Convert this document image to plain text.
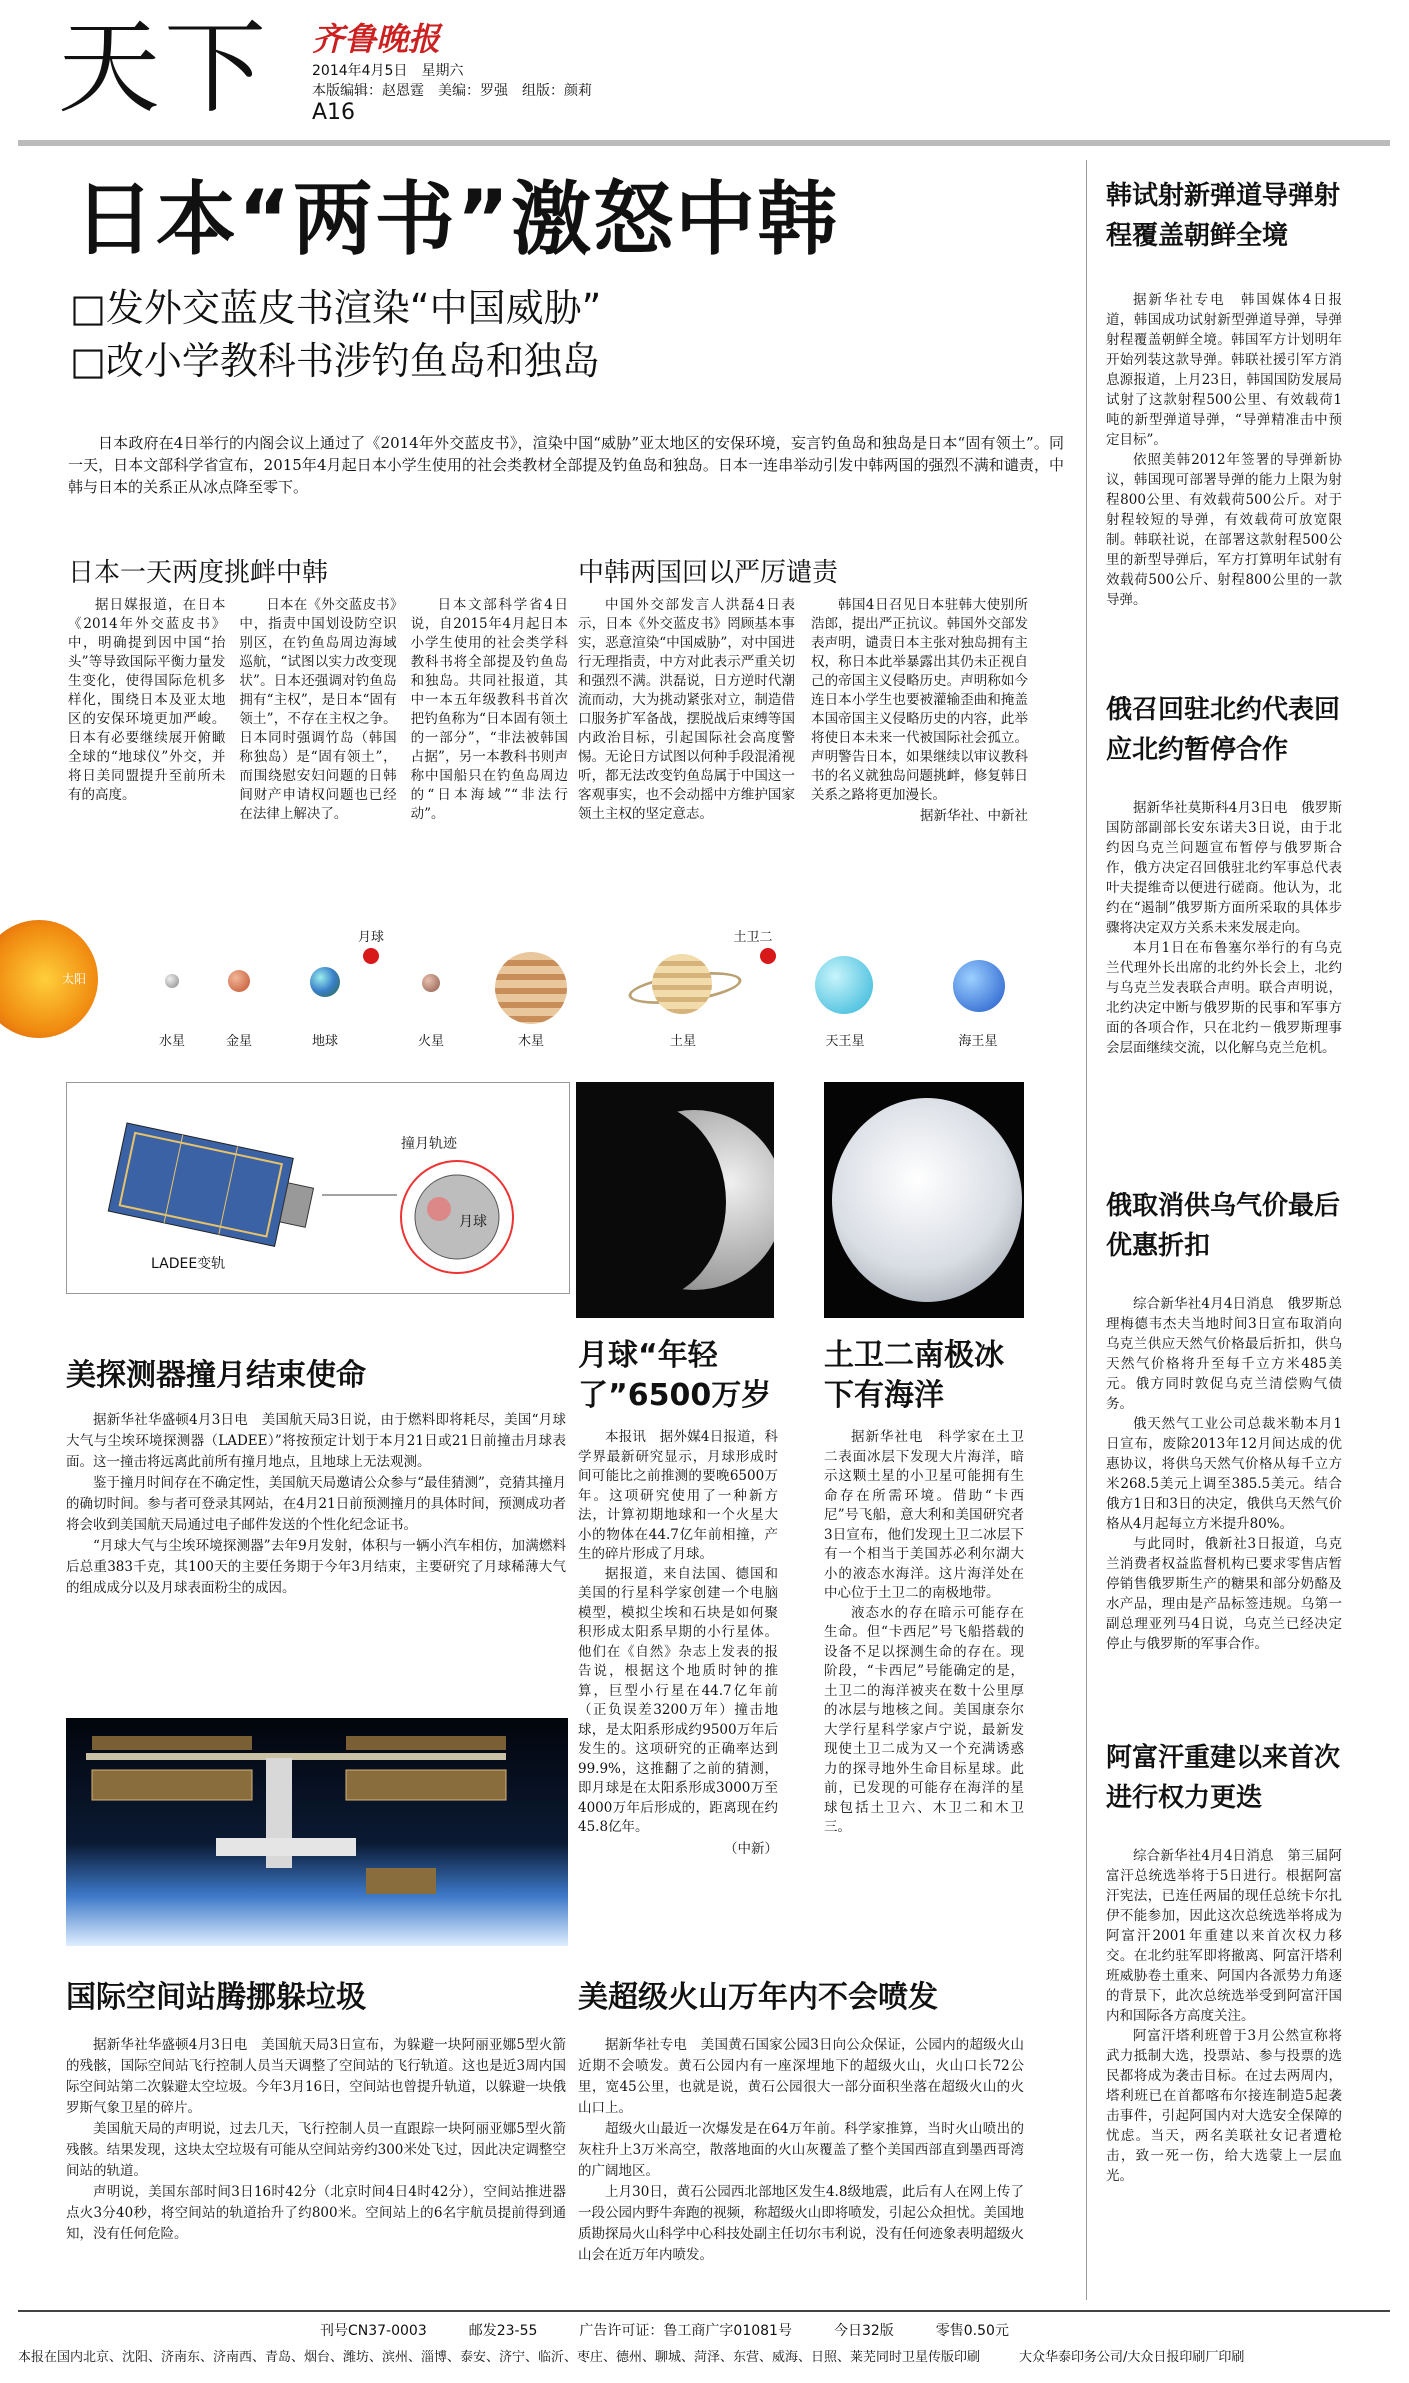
天下 齐鲁晚报
2014年4月5日　星期六
本版编辑：赵恩霆　美编：罗强　组版：颜莉
A16
日本“两书”激怒中韩
□发外交蓝皮书渲染“中国威胁”
□改小学教科书涉钓鱼岛和独岛

日本政府在4日举行的内阁会议上通过了《2014年外交蓝皮书》，渲染中国“威胁”亚太地区的安保环境，妄言钓鱼岛和独岛是日本“固有领土”。同一天，日本文部科学省宣布，2015年4月起日本小学生使用的社会类教材全部提及钓鱼岛和独岛。日本一连串举动引发中韩两国的强烈不满和谴责，中韩与日本的关系正从冰点降至零下。

日本一天两度挑衅中韩

据日媒报道，在日本《2014年外交蓝皮书》中，明确提到因中国“抬头”等导致国际平衡力量发生变化，使得国际危机多样化，围绕日本及亚太地区的安保环境更加严峻。日本有必要继续展开俯瞰全球的“地球仪”外交，并将日美同盟提升至前所未有的高度。

日本在《外交蓝皮书》中，指责中国划设防空识别区，在钓鱼岛周边海域巡航，“试图以实力改变现状”。日本还强调对钓鱼岛拥有“主权”，是日本“固有领土”，不存在主权之争。日本同时强调竹岛（韩国称独岛）是“固有领土”，而围绕慰安妇问题的日韩间财产申请权问题也已经在法律上解决了。

日本文部科学省4日说，自2015年4月起日本小学生使用的社会类学科教科书将全部提及钓鱼岛和独岛。共同社报道，其中一本五年级教科书首次把钓鱼称为“日本固有领土的一部分”，“非法被韩国占据”，另一本教科书则声称中国船只在钓鱼岛周边的“日本海域”“非法行动”。

中韩两国回以严厉谴责

中国外交部发言人洪磊4日表示，日本《外交蓝皮书》罔顾基本事实，恶意渲染“中国威胁”，对中国进行无理指责，中方对此表示严重关切和强烈不满。洪磊说，日方逆时代潮流而动，大为挑动紧张对立，制造借口服务扩军备战，摆脱战后束缚等国内政治目标，引起国际社会高度警惕。无论日方试图以何种手段混淆视听，都无法改变钓鱼岛属于中国这一客观事实，也不会动摇中方维护国家领土主权的坚定意志。

韩国4日召见日本驻韩大使别所浩郎，提出严正抗议。韩国外交部发表声明，谴责日本主张对独岛拥有主权，称日本此举暴露出其仍未正视自己的帝国主义侵略历史。声明称如今连日本小学生也要被灌输歪曲和掩盖本国帝国主义侵略历史的内容，此举将使日本未来一代被国际社会孤立。声明警告日本，如果继续以审议教科书的名义就独岛问题挑衅，修复韩日关系之路将更加漫长。

据新华社、中新社
太阳
水星	金星	地球
月球
火星	木星	土星
土卫二
天王星	海王星
LADEE变轨
撞月轨迹
月球
美探测器撞月结束使命

据新华社华盛顿4月3日电　美国航天局3日说，由于燃料即将耗尽，美国“月球大气与尘埃环境探测器（LADEE）”将按预定计划于本月21日或21日前撞击月球表面。这一撞击将远离此前所有撞月地点，且地球上无法观测。

鉴于撞月时间存在不确定性，美国航天局邀请公众参与“最佳猜测”，竞猜其撞月的确切时间。参与者可登录其网站，在4月21日前预测撞月的具体时间，预测成功者将会收到美国航天局通过电子邮件发送的个性化纪念证书。

“月球大气与尘埃环境探测器”去年9月发射，体积与一辆小汽车相仿，加满燃料后总重383千克，其100天的主要任务期于今年3月结束，主要研究了月球稀薄大气的组成成分以及月球表面粉尘的成因。

月球“年轻了”6500万岁

本报讯　据外媒4日报道，科学界最新研究显示，月球形成时间可能比之前推测的要晚6500万年。这项研究使用了一种新方法，计算初期地球和一个火星大小的物体在44.7亿年前相撞，产生的碎片形成了月球。

据报道，来自法国、德国和美国的行星科学家创建一个电脑模型，模拟尘埃和石块是如何聚积形成太阳系早期的小行星体。他们在《自然》杂志上发表的报告说，根据这个地质时钟的推算，巨型小行星在44.7亿年前（正负误差3200万年）撞击地球，是太阳系形成约9500万年后发生的。这项研究的正确率达到99.9%，这推翻了之前的猜测，即月球是在太阳系形成3000万至4000万年后形成的，距离现在约45.8亿年。

（中新）
土卫二南极冰下有海洋

据新华社电　科学家在土卫二表面冰层下发现大片海洋，暗示这颗土星的小卫星可能拥有生命存在所需环境。借助“卡西尼”号飞船，意大利和美国研究者3日宣布，他们发现土卫二冰层下有一个相当于美国苏必利尔湖大小的液态水海洋。这片海洋处在中心位于土卫二的南极地带。

液态水的存在暗示可能存在生命。但“卡西尼”号飞船搭载的设备不足以探测生命的存在。现阶段，“卡西尼”号能确定的是，土卫二的海洋被夹在数十公里厚的冰层与地核之间。美国康奈尔大学行星科学家卢宁说，最新发现使土卫二成为又一个充满诱惑力的探寻地外生命目标星球。此前，已发现的可能存在海洋的星球包括土卫六、木卫二和木卫三。

国际空间站腾挪躲垃圾

据新华社华盛顿4月3日电　美国航天局3日宣布，为躲避一块阿丽亚娜5型火箭的残骸，国际空间站飞行控制人员当天调整了空间站的飞行轨道。这也是近3周内国际空间站第二次躲避太空垃圾。今年3月16日，空间站也曾提升轨道，以躲避一块俄罗斯气象卫星的碎片。

美国航天局的声明说，过去几天，飞行控制人员一直跟踪一块阿丽亚娜5型火箭残骸。结果发现，这块太空垃圾有可能从空间站旁约300米处飞过，因此决定调整空间站的轨道。

声明说，美国东部时间3日16时42分（北京时间4日4时42分），空间站推进器点火3分40秒，将空间站的轨道抬升了约800米。空间站上的6名宇航员提前得到通知，没有任何危险。

美超级火山万年内不会喷发

据新华社专电　美国黄石国家公园3日向公众保证，公园内的超级火山近期不会喷发。黄石公园内有一座深埋地下的超级火山，火山口长72公里，宽45公里，也就是说，黄石公园很大一部分面积坐落在超级火山的火山口上。

超级火山最近一次爆发是在64万年前。科学家推算，当时火山喷出的灰柱升上3万米高空，散落地面的火山灰覆盖了整个美国西部直到墨西哥湾的广阔地区。

上月30日，黄石公园西北部地区发生4.8级地震，此后有人在网上传了一段公园内野牛奔跑的视频，称超级火山即将喷发，引起公众担忧。美国地质勘探局火山科学中心科技处副主任切尔韦利说，没有任何迹象表明超级火山会在近万年内喷发。

韩试射新弹道导弹射程覆盖朝鲜全境

据新华社专电　韩国媒体4日报道，韩国成功试射新型弹道导弹，导弹射程覆盖朝鲜全境。韩国军方计划明年开始列装这款导弹。韩联社援引军方消息源报道，上月23日，韩国国防发展局试射了这款射程500公里、有效载荷1吨的新型弹道导弹，“导弹精准击中预定目标”。

依照美韩2012年签署的导弹新协议，韩国现可部署导弹的能力上限为射程800公里、有效载荷500公斤。对于射程较短的导弹，有效载荷可放宽限制。韩联社说，在部署这款射程500公里的新型导弹后，军方打算明年试射有效载荷500公斤、射程800公里的一款导弹。

俄召回驻北约代表回应北约暂停合作

据新华社莫斯科4月3日电　俄罗斯国防部副部长安东诺夫3日说，由于北约因乌克兰问题宣布暂停与俄罗斯合作，俄方决定召回俄驻北约军事总代表叶夫提维奇以便进行磋商。他认为，北约在“遏制”俄罗斯方面所采取的具体步骤将决定双方关系未来发展走向。

本月1日在布鲁塞尔举行的有乌克兰代理外长出席的北约外长会上，北约与乌克兰发表联合声明。联合声明说，北约决定中断与俄罗斯的民事和军事方面的各项合作，只在北约－俄罗斯理事会层面继续交流，以化解乌克兰危机。

俄取消供乌气价最后优惠折扣

综合新华社4月4日消息　俄罗斯总理梅德韦杰夫当地时间3日宣布取消向乌克兰供应天然气价格最后折扣，供乌天然气价格将升至每千立方米485美元。俄方同时敦促乌克兰清偿购气债务。

俄天然气工业公司总裁米勒本月1日宣布，废除2013年12月间达成的优惠协议，将供乌天然气价格从每千立方米268.5美元上调至385.5美元。结合俄方1日和3日的决定，俄供乌天然气价格从4月起每立方米提升80%。

与此同时，俄新社3日报道，乌克兰消费者权益监督机构已要求零售店暂停销售俄罗斯生产的糖果和部分奶酪及水产品，理由是产品标签违规。乌第一副总理亚列马4日说，乌克兰已经决定停止与俄罗斯的军事合作。

阿富汗重建以来首次进行权力更迭

综合新华社4月4日消息　第三届阿富汗总统选举将于5日进行。根据阿富汗宪法，已连任两届的现任总统卡尔扎伊不能参加，因此这次总统选举将成为阿富汗2001年重建以来首次权力移交。在北约驻军即将撤离、阿富汗塔利班威胁卷土重来、阿国内各派势力角逐的背景下，此次总统选举受到阿富汗国内和国际各方高度关注。

阿富汗塔利班曾于3月公然宣称将武力抵制大选，投票站、参与投票的选民都将成为袭击目标。在过去两周内，塔利班已在首都喀布尔接连制造5起袭击事件，引起阿国内对大选安全保障的忧虑。当天，两名美联社女记者遭枪击，致一死一伤，给大选蒙上一层血光。

刊号CN37-0003　　　邮发23-55　　　广告许可证：鲁工商广字01081号　　　今日32版　　　零售0.50元
本报在国内北京、沈阳、济南东、济南西、青岛、烟台、潍坊、滨州、淄博、泰安、济宁、临沂、枣庄、德州、聊城、菏泽、东营、威海、日照、莱芜同时卫星传版印刷　　　大众华泰印务公司/大众日报印刷厂印刷
